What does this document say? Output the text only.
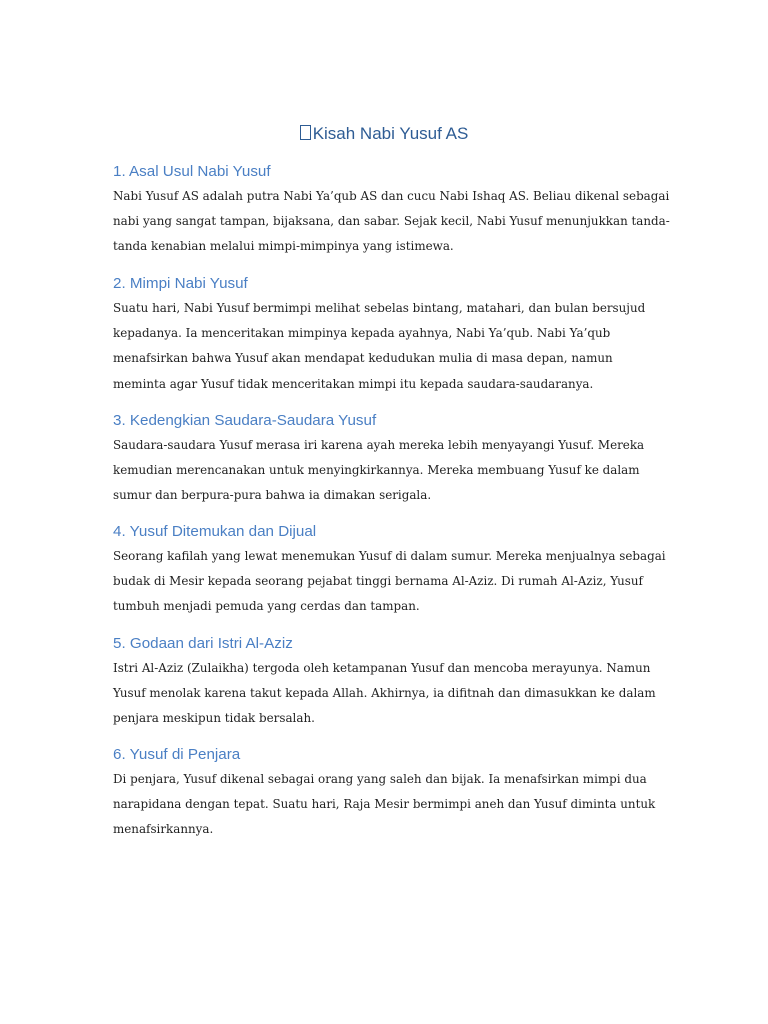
Kisah Nabi Yusuf AS
1. Asal Usul Nabi Yusuf

Nabi Yusuf AS adalah putra Nabi Ya’qub AS dan cucu Nabi Ishaq AS. Beliau dikenal sebagai
nabi yang sangat tampan, bijaksana, dan sabar. Sejak kecil, Nabi Yusuf menunjukkan tanda-
tanda kenabian melalui mimpi-mimpinya yang istimewa.

2. Mimpi Nabi Yusuf

Suatu hari, Nabi Yusuf bermimpi melihat sebelas bintang, matahari, dan bulan bersujud
kepadanya. Ia menceritakan mimpinya kepada ayahnya, Nabi Ya’qub. Nabi Ya’qub
menafsirkan bahwa Yusuf akan mendapat kedudukan mulia di masa depan, namun
meminta agar Yusuf tidak menceritakan mimpi itu kepada saudara-saudaranya.

3. Kedengkian Saudara-Saudara Yusuf

Saudara-saudara Yusuf merasa iri karena ayah mereka lebih menyayangi Yusuf. Mereka
kemudian merencanakan untuk menyingkirkannya. Mereka membuang Yusuf ke dalam
sumur dan berpura-pura bahwa ia dimakan serigala.

4. Yusuf Ditemukan dan Dijual

Seorang kafilah yang lewat menemukan Yusuf di dalam sumur. Mereka menjualnya sebagai
budak di Mesir kepada seorang pejabat tinggi bernama Al-Aziz. Di rumah Al-Aziz, Yusuf
tumbuh menjadi pemuda yang cerdas dan tampan.

5. Godaan dari Istri Al-Aziz

Istri Al-Aziz (Zulaikha) tergoda oleh ketampanan Yusuf dan mencoba merayunya. Namun
Yusuf menolak karena takut kepada Allah. Akhirnya, ia difitnah dan dimasukkan ke dalam
penjara meskipun tidak bersalah.

6. Yusuf di Penjara

Di penjara, Yusuf dikenal sebagai orang yang saleh dan bijak. Ia menafsirkan mimpi dua
narapidana dengan tepat. Suatu hari, Raja Mesir bermimpi aneh dan Yusuf diminta untuk
menafsirkannya.
